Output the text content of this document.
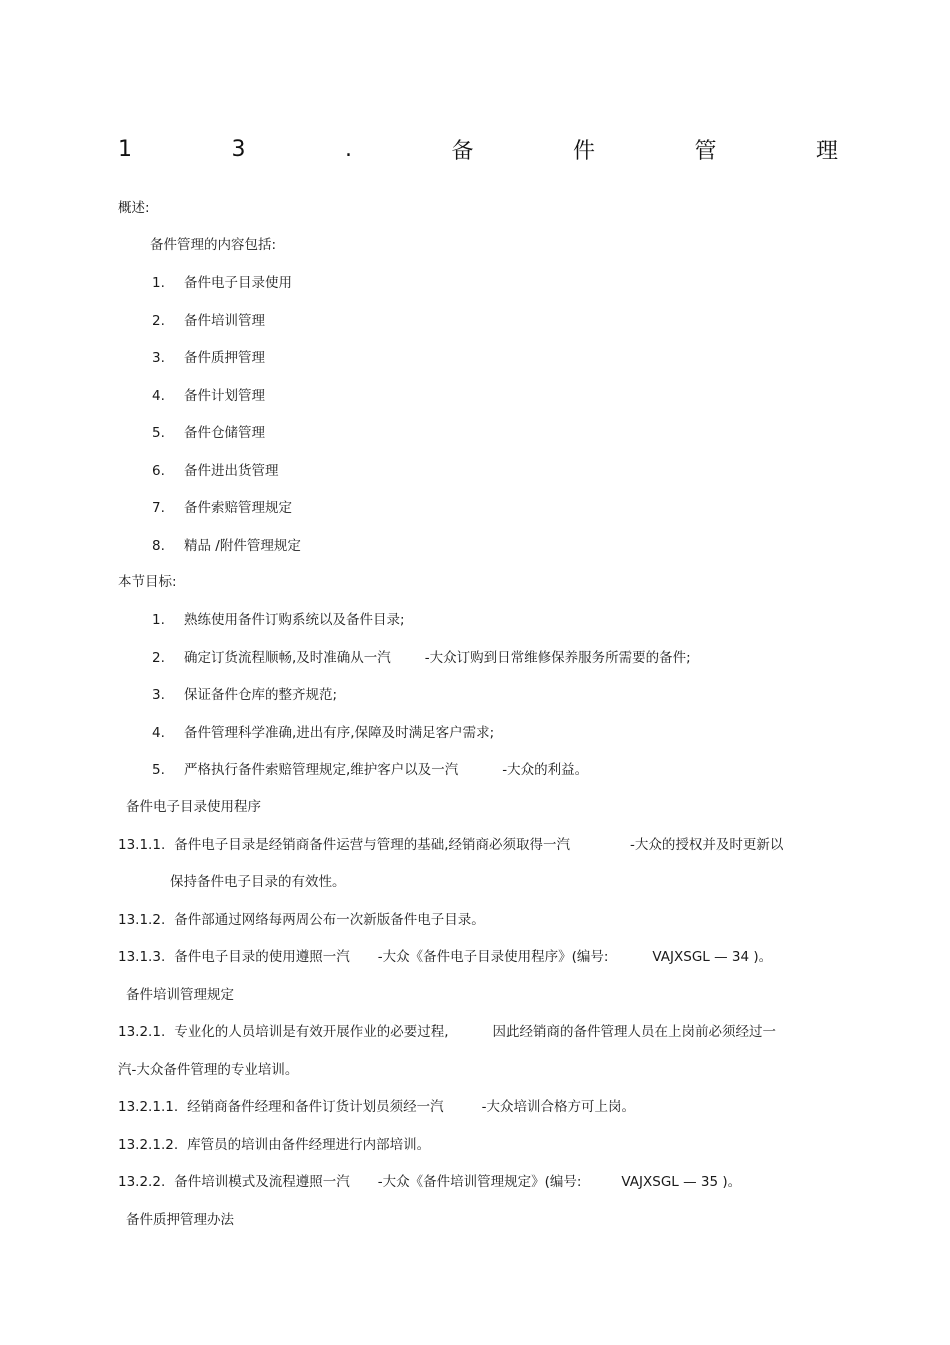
1	3	.	备	件	管	理
概述:
备件管理的内容包括:
1. 备件电子目录使用
2. 备件培训管理
3. 备件质押管理
4. 备件计划管理
5. 备件仓储管理
6. 备件进出货管理
7. 备件索赔管理规定
8. 精品 /附件管理规定
本节目标:
1. 熟练使用备件订购系统以及备件目录;
2. 确定订货流程顺畅,及时准确从一汽	-大众订购到日常维修保养服务所需要的备件;
3. 保证备件仓库的整齐规范;
4. 备件管理科学准确,进出有序,保障及时满足客户需求;
5. 严格执行备件索赔管理规定,维护客户以及一汽	-大众的利益。
备件电子目录使用程序
13.1.1. 备件电子目录是经销商备件运营与管理的基础,经销商必须取得一汽	-大众的授权并及时更新以
保持备件电子目录的有效性。
13.1.2. 备件部通过网络每两周公布一次新版备件电子目录。
13.1.3. 备件电子目录的使用遵照一汽 -大众《备件电子目录使用程序》(编号:	VAJXSGL — 34 )。
备件培训管理规定
13.2.1. 专业化的人员培训是有效开展作业的必要过程,	因此经销商的备件管理人员在上岗前必须经过一
汽-大众备件管理的专业培训。
13.2.1.1. 经销商备件经理和备件订货计划员须经一汽	-大众培训合格方可上岗。
13.2.1.2. 库管员的培训由备件经理进行内部培训。
13.2.2. 备件培训模式及流程遵照一汽 -大众《备件培训管理规定》(编号:	VAJXSGL — 35 )。
备件质押管理办法
